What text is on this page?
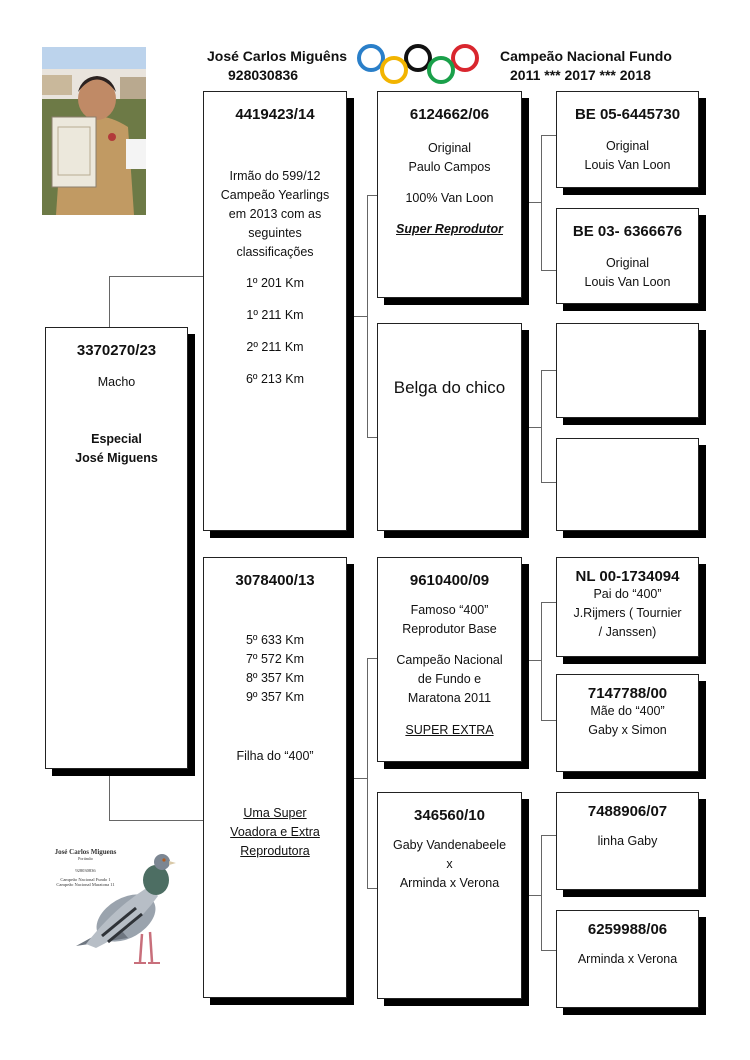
José Carlos Miguêns
928030836
Campeão Nacional Fundo
2011 *** 2017 *** 2018
3370270/23
Macho
Especial
José Miguens
4419423/14
Irmão do 599/12
Campeão Yearlings
em 2013 com as
seguintes
classificações
1º 201 Km
1º 211 Km
2º 211 Km
6º 213 Km
3078400/13
5º 633 Km
7º 572 Km
8º 357 Km
9º 357 Km
Filha do “400”
Uma Super
Voadora e Extra
Reprodutora
6124662/06
Original
Paulo Campos
100% Van Loon
Super Reprodutor
Belga do chico
9610400/09
Famoso “400”
Reprodutor Base
Campeão Nacional
de Fundo e
Maratona 2011
SUPER EXTRA
346560/10
Gaby Vandenabeele
x
Arminda x Verona
BE 05-6445730
Original
Louis Van Loon
BE 03- 6366676
Original
Louis Van Loon
NL 00-1734094
Pai do “400”
J.Rijmers ( Tournier
/ Janssen)
7147788/00
Mãe do “400”
Gaby x Simon
7488906/07
linha Gaby
6259988/06
Arminda x Verona
José Carlos Miguens
Portimão
928030836
Campeão Nacional Fundo 1
Campeão Nacional Maratona 11
